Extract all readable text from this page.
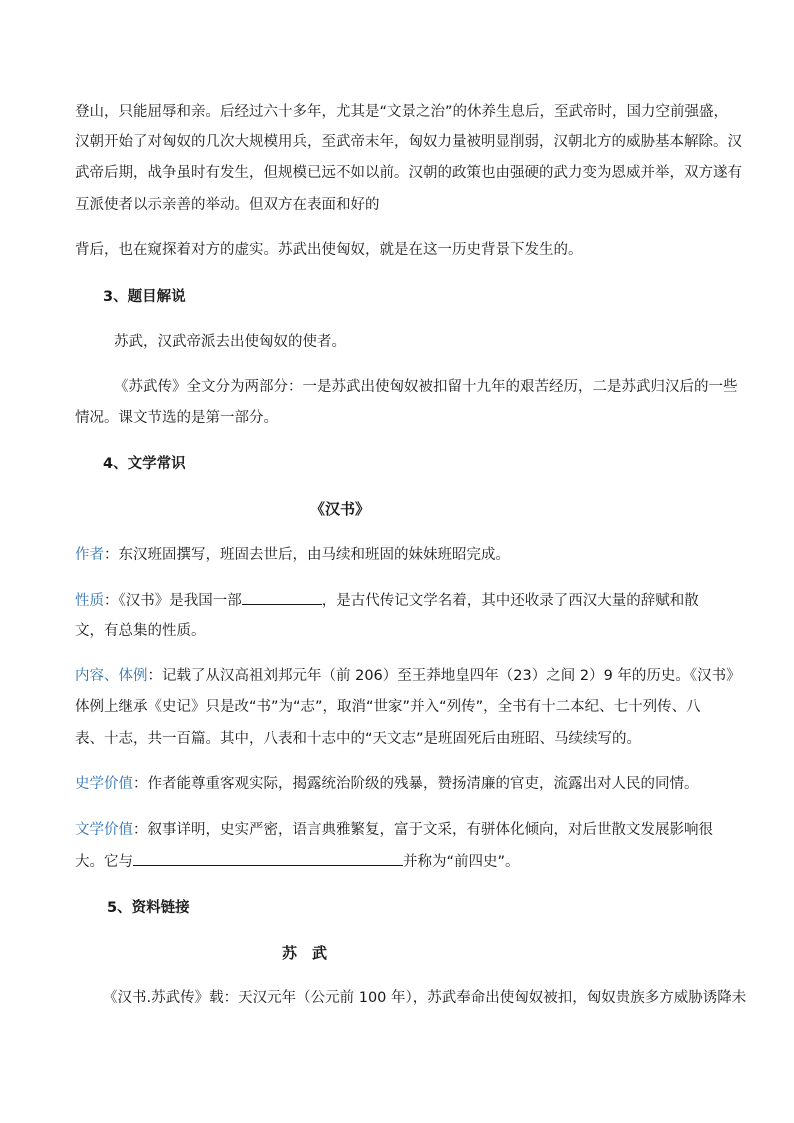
登山，只能屈辱和亲。后经过六十多年，尤其是“文景之治”的休养生息后，至武帝时，国力空前强盛，
汉朝开始了对匈奴的几次大规模用兵，至武帝末年，匈奴力量被明显削弱，汉朝北方的威胁基本解除。汉
武帝后期，战争虽时有发生，但规模已远不如以前。汉朝的政策也由强硬的武力变为恩威并举，双方遂有
互派使者以示亲善的举动。但双方在表面和好的
背后，也在窥探着对方的虚实。苏武出使匈奴，就是在这一历史背景下发生的。
3、题目解说
苏武，汉武帝派去出使匈奴的使者。
《苏武传》全文分为两部分：一是苏武出使匈奴被扣留十九年的艰苦经历，二是苏武归汉后的一些
情况。课文节选的是第一部分。
4、文学常识
《汉书》
作者：东汉班固撰写，班固去世后，由马续和班固的妹妹班昭完成。
性质：《汉书》是我国一部	，是古代传记文学名着，其中还收录了西汉大量的辞赋和散
文，有总集的性质。
内容、体例：记载了从汉高祖刘邦元年（前 206）至王莽地皇四年（23）之间 2）9 年的历史。《汉书》
体例上继承《史记》只是改“书”为“志”，取消“世家”并入“列传”，全书有十二本纪、七十列传、八
表、十志，共一百篇。其中，八表和十志中的“天文志”是班固死后由班昭、马续续写的。
史学价值：作者能尊重客观实际，揭露统治阶级的残暴，赞扬清廉的官吏，流露出对人民的同情。
文学价值：叙事详明，史实严密，语言典雅繁复，富于文采，有骈体化倾向，对后世散文发展影响很
大。它与	并称为“前四史”。
5、资料链接
苏　武
《汉书.苏武传》载：天汉元年（公元前 100 年），苏武奉命出使匈奴被扣，匈奴贵族多方威胁诱降未
